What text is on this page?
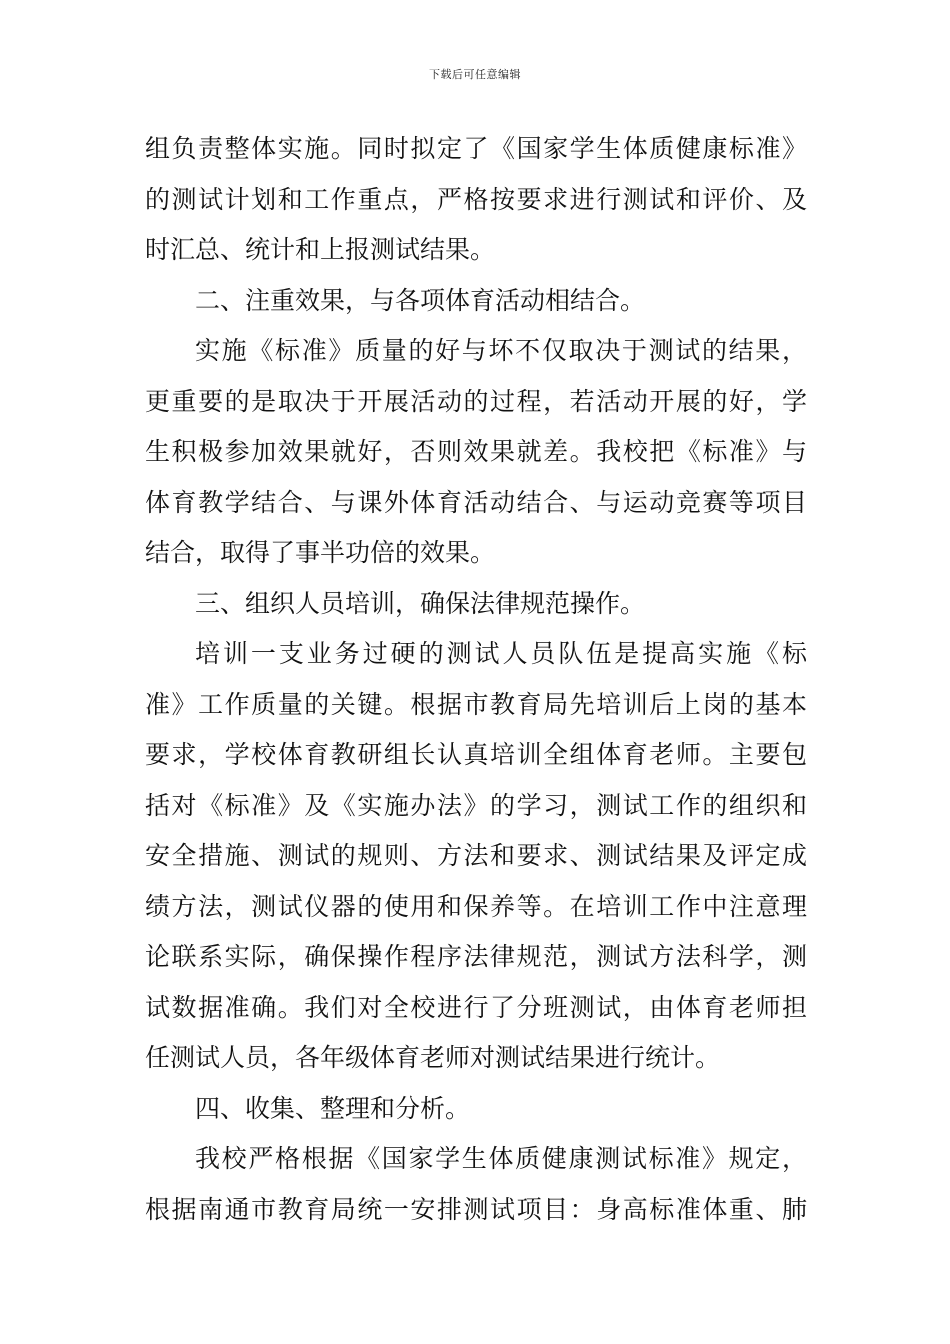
下载后可任意编辑
组负责整体实施。同时拟定了《国家学生体质健康标准》
的测试计划和工作重点，严格按要求进行测试和评价、及
时汇总、统计和上报测试结果。
二、注重效果，与各项体育活动相结合。
实施《标准》质量的好与坏不仅取决于测试的结果，
更重要的是取决于开展活动的过程，若活动开展的好，学
生积极参加效果就好，否则效果就差。我校把《标准》与
体育教学结合、与课外体育活动结合、与运动竞赛等项目
结合，取得了事半功倍的效果。
三、组织人员培训，确保法律规范操作。
培训一支业务过硬的测试人员队伍是提高实施《标
准》工作质量的关键。根据市教育局先培训后上岗的基本
要求，学校体育教研组长认真培训全组体育老师。主要包
括对《标准》及《实施办法》的学习，测试工作的组织和
安全措施、测试的规则、方法和要求、测试结果及评定成
绩方法，测试仪器的使用和保养等。在培训工作中注意理
论联系实际，确保操作程序法律规范，测试方法科学，测
试数据准确。我们对全校进行了分班测试，由体育老师担
任测试人员，各年级体育老师对测试结果进行统计。
四、收集、整理和分析。
我校严格根据《国家学生体质健康测试标准》规定，
根据南通市教育局统一安排测试项目：身高标准体重、肺
